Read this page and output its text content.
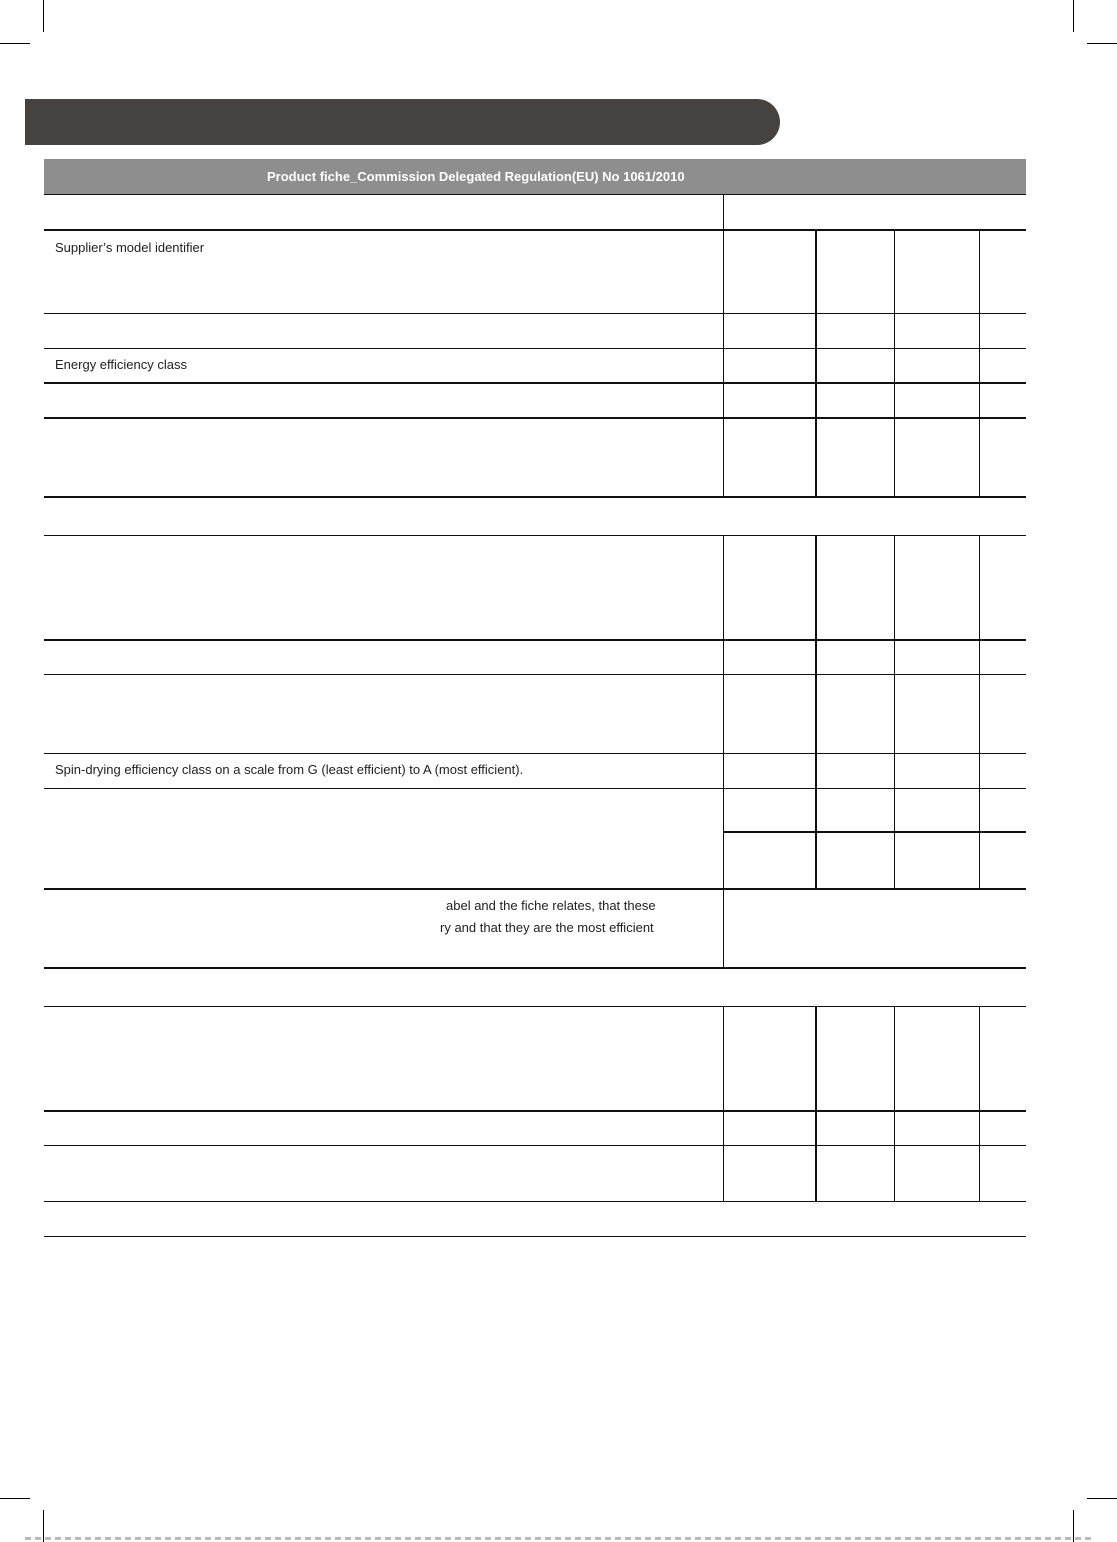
Product fiche_Commission Delegated Regulation(EU) No 1061/2010
Supplier’s model identifier
Energy efficiency class
Spin-drying efficiency class on a scale from G (least efficient) to A (most efficient).
abel and the fiche relates, that these
ry and that they are the most efficient
